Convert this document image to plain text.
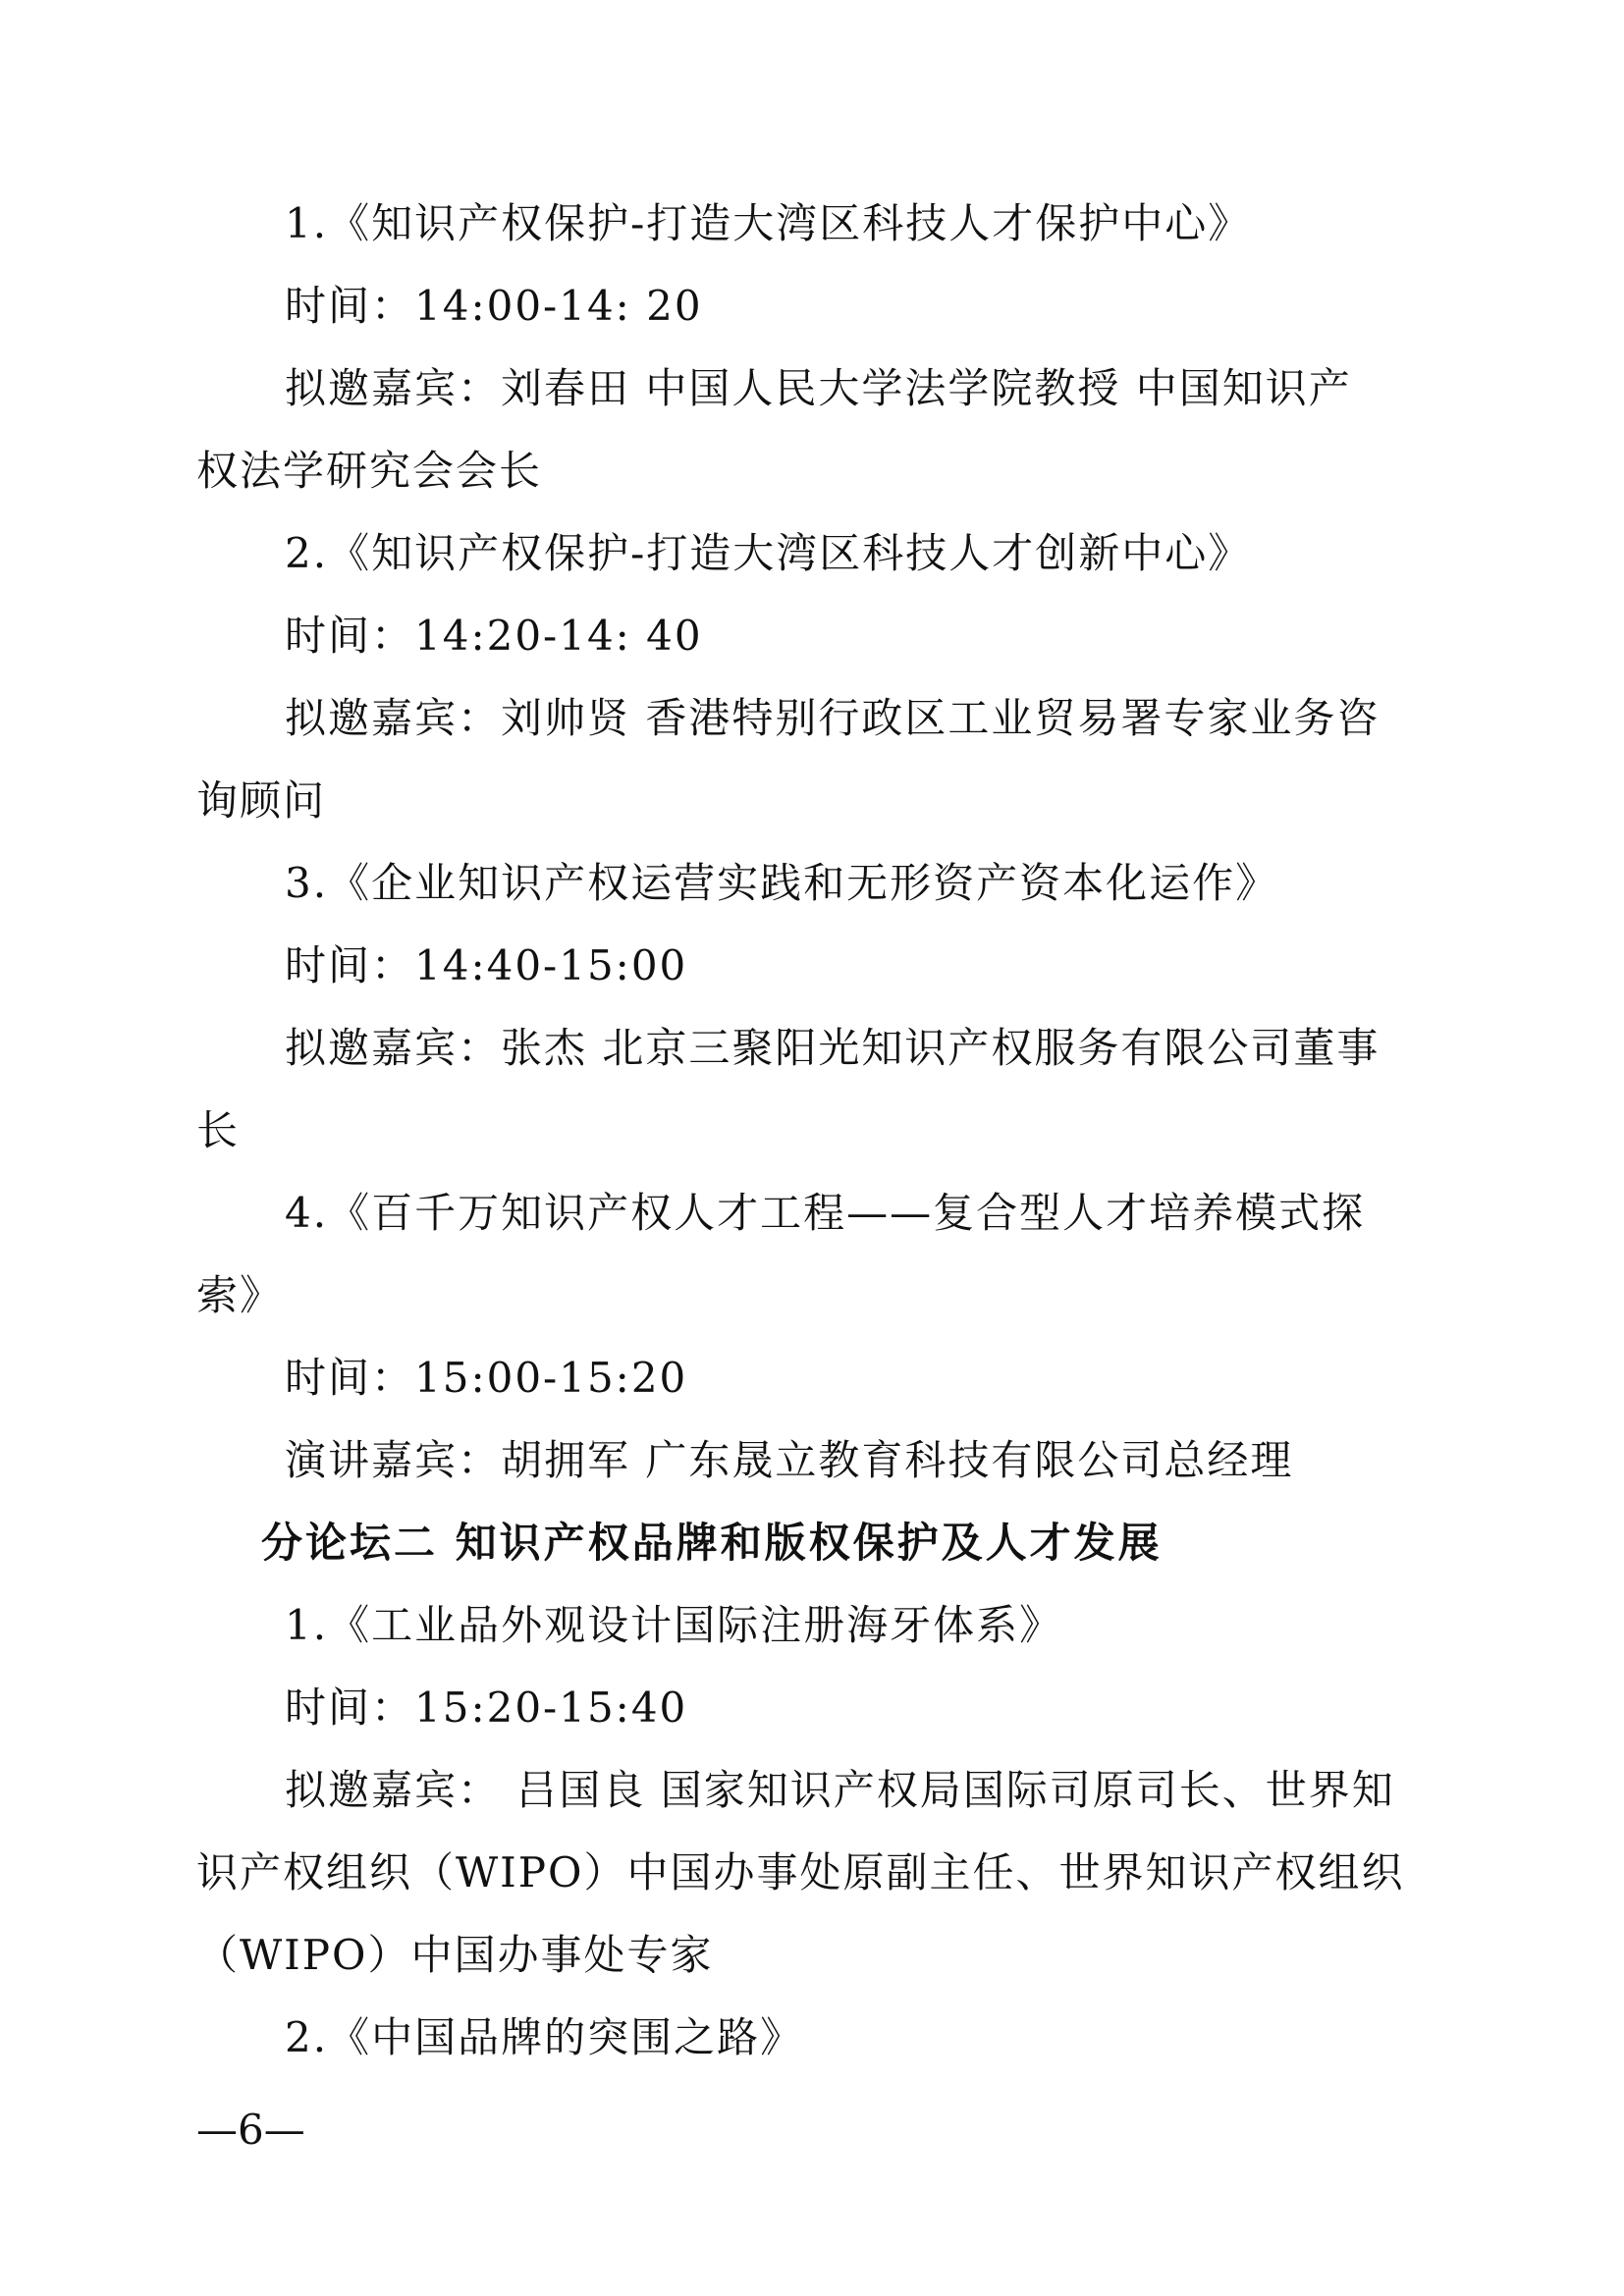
1.《知识产权保护-打造大湾区科技人才保护中心》
时间：14:00-14: 20
拟邀嘉宾：刘春田 中国人民大学法学院教授 中国知识产
权法学研究会会长
2.《知识产权保护-打造大湾区科技人才创新中心》
时间：14:20-14: 40
拟邀嘉宾：刘帅贤 香港特别行政区工业贸易署专家业务咨
询顾问
3.《企业知识产权运营实践和无形资产资本化运作》
时间：14:40-15:00
拟邀嘉宾：张杰 北京三聚阳光知识产权服务有限公司董事
长
4.《百千万知识产权人才工程——复合型人才培养模式探
索》
时间：15:00-15:20
演讲嘉宾：胡拥军 广东晟立教育科技有限公司总经理
分论坛二 知识产权品牌和版权保护及人才发展
1.《工业品外观设计国际注册海牙体系》
时间：15:20-15:40
拟邀嘉宾： 吕国良 国家知识产权局国际司原司长、世界知
识产权组织（WIPO）中国办事处原副主任、世界知识产权组织
（WIPO）中国办事处专家
2.《中国品牌的突围之路》
—6—
